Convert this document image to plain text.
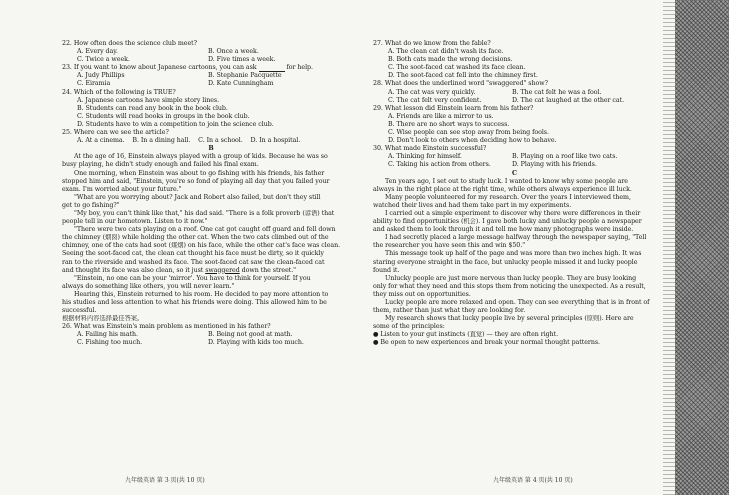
22. How often does the science club meet?
A. Every day.	B. Once a week.
C. Twice a week.	D. Five times a week.
23. If you want to know about Japanese cartoons, you can ask	for help.
A. Judy Phillips	B. Stephanie Pacquette
C. Eiramia	D. Kate Cunningham
24. Which of the following is TRUE?
A. Japanese cartoons have simple story lines.
B. Students can read any book in the book club.
C. Students will read books in groups in the book club.
D. Students have to win a competition to join the science club.
25. Where can we see the article?
A. At a cinema.    B. In a dining hall.    C. In a school.    D. In a hospital.
B
At the age of 16, Einstein always played with a group of kids. Because he was so
busy playing, he didn't study enough and failed his final exam.
One morning, when Einstein was about to go fishing with his friends, his father
stopped him and said, "Einstein, you're so fond of playing all day that you failed your
exam. I'm worried about your future."
"What are you worrying about? Jack and Robert also failed, but don't they still
get to go fishing?"
"My boy, you can't think like that," his dad said. "There is a folk proverb (谚语) that
people tell in our hometown. Listen to it now."
"There were two cats playing on a roof. One cat got caught off guard and fell down
the chimney (烟囱) while holding the other cat. When the two cats climbed out of the
chimney, one of the cats had soot (煤烟) on his face, while the other cat's face was clean.
Seeing the soot-faced cat, the clean cat thought his face must be dirty, so it quickly
ran to the riverside and washed its face. The soot-faced cat saw the clean-faced cat
and thought its face was also clean, so it just swaggered down the street."
"Einstein, no one can be your 'mirror'. You have to think for yourself. If you
always do something like others, you will never learn."
Hearing this, Einstein returned to his room. He decided to pay more attention to
his studies and less attention to what his friends were doing. This allowed him to be
successful.
根据材料内容选择最佳答案。
26. What was Einstein's main problem as mentioned in his father?
A. Failing his math.	B. Being not good at math.
C. Fishing too much.	D. Playing with kids too much.
27. What do we know from the fable?
A. The clean cat didn't wash its face.
B. Both cats made the wrong decisions.
C. The soot-faced cat washed its face clean.
D. The soot-faced cat fell into the chimney first.
28. What does the underlined word "swaggered" show?
A. The cat was very quickly.	B. The cat felt he was a fool.
C. The cat felt very confident.	D. The cat laughed at the other cat.
29. What lesson did Einstein learn from his father?
A. Friends are like a mirror to us.
B. There are no short ways to success.
C. Wise people can see stop away from being fools.
D. Don't look to others when deciding how to behave.
30. What made Einstein successful?
A. Thinking for himself.	B. Playing on a roof like two cats.
C. Taking his action from others.	D. Playing with his friends.
C
Ten years ago, I set out to study luck. I wanted to know why some people are
always in the right place at the right time, while others always experience ill luck.
Many people volunteered for my research. Over the years I interviewed them,
watched their lives and had them take part in my experiments.
I carried out a simple experiment to discover why there were differences in their
ability to find opportunities (机会). I gave both lucky and unlucky people a newspaper
and asked them to look through it and tell me how many photographs were inside.
I had secretly placed a large message halfway through the newspaper saying, "Tell
the researcher you have seen this and win $50."
This message took up half of the page and was more than two inches high. It was
staring everyone straight in the face, but unlucky people missed it and lucky people
found it.
Unlucky people are just more nervous than lucky people. They are busy looking
only for what they need and this stops them from noticing the unexpected. As a result,
they miss out on opportunities.
Lucky people are more relaxed and open. They can see everything that is in front of
them, rather than just what they are looking for.
My research shows that lucky people live by several principles (原则). Here are
some of the principles:
● Listen to your gut instincts (直觉) — they are often right.
● Be open to new experiences and break your normal thought patterns.
九年级英语 第 3 页(共 10 页)	九年级英语 第 4 页(共 10 页)
